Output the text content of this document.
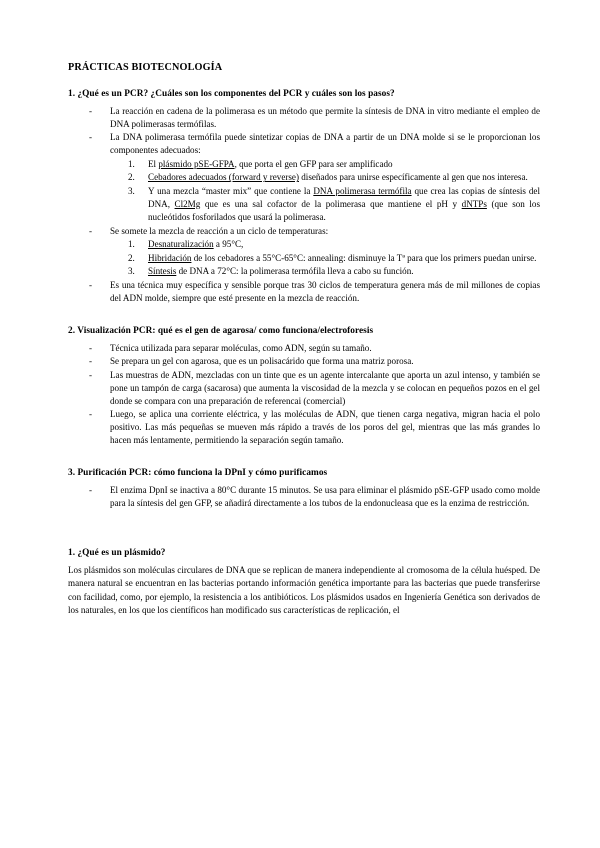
PRÁCTICAS BIOTECNOLOGÍA
1. ¿Qué es un PCR? ¿Cuáles son los componentes del PCR y cuáles son los pasos?
- La reacción en cadena de la polimerasa es un método que permite la síntesis de DNA in vitro mediante el empleo de DNA polimerasas termófilas.
- La DNA polimerasa termófila puede sintetizar copias de DNA a partir de un DNA molde si se le proporcionan los componentes adecuados:
1.	El plásmido pSE-GFPA, que porta el gen GFP para ser amplificado
2.	Cebadores adecuados (forward y reverse) diseñados para unirse específicamente al gen que nos interesa.
3.	Y una mezcla “master mix” que contiene la DNA polimerasa termófila que crea las copias de síntesis del DNA, Cl2Mg que es una sal cofactor de la polimerasa que mantiene el pH y dNTPs (que son los nucleótidos fosforilados que usará la polimerasa.
- Se somete la mezcla de reacción a un ciclo de temperaturas:
1.	Desnaturalización a 95°C,
2.	Hibridación de los cebadores a 55°C-65°C: annealing: disminuye la Tª para que los primers puedan unirse.
3.	Síntesis de DNA a 72°C: la polimerasa termófila lleva a cabo su función.
- Es una técnica muy específica y sensible porque tras 30 ciclos de temperatura genera más de mil millones de copias del ADN molde, siempre que esté presente en la mezcla de reacción.
2. Visualización PCR: qué es el gen de agarosa/ como funciona/electroforesis
- Técnica utilizada para separar moléculas, como ADN, según su tamaño.
- Se prepara un gel con agarosa, que es un polisacárido que forma una matriz porosa.
- Las muestras de ADN, mezcladas con un tinte que es un agente intercalante que aporta un azul intenso, y también se pone un tampón de carga (sacarosa) que aumenta la viscosidad de la mezcla y se colocan en pequeños pozos en el gel donde se compara con una preparación de referencai (comercial)
- Luego, se aplica una corriente eléctrica, y las moléculas de ADN, que tienen carga negativa, migran hacia el polo positivo. Las más pequeñas se mueven más rápido a través de los poros del gel, mientras que las más grandes lo hacen más lentamente, permitiendo la separación según tamaño.
3. Purificación PCR: cómo funciona la DPnI y cómo purificamos
- El enzima DpnI se inactiva a 80°C durante 15 minutos. Se usa para eliminar el plásmido pSE-GFP usado como molde para la síntesis del gen GFP, se añadirá directamente a los tubos de la endonucleasa que es la enzima de restricción.
1. ¿Qué es un plásmido?

Los plásmidos son moléculas circulares de DNA que se replican de manera independiente al cromosoma de la célula huésped. De manera natural se encuentran en las bacterias portando información genética importante para las bacterias que puede transferirse con facilidad, como, por ejemplo, la resistencia a los antibióticos. Los plásmidos usados en Ingeniería Genética son derivados de los naturales, en los que los científicos han modificado sus características de replicación, el
